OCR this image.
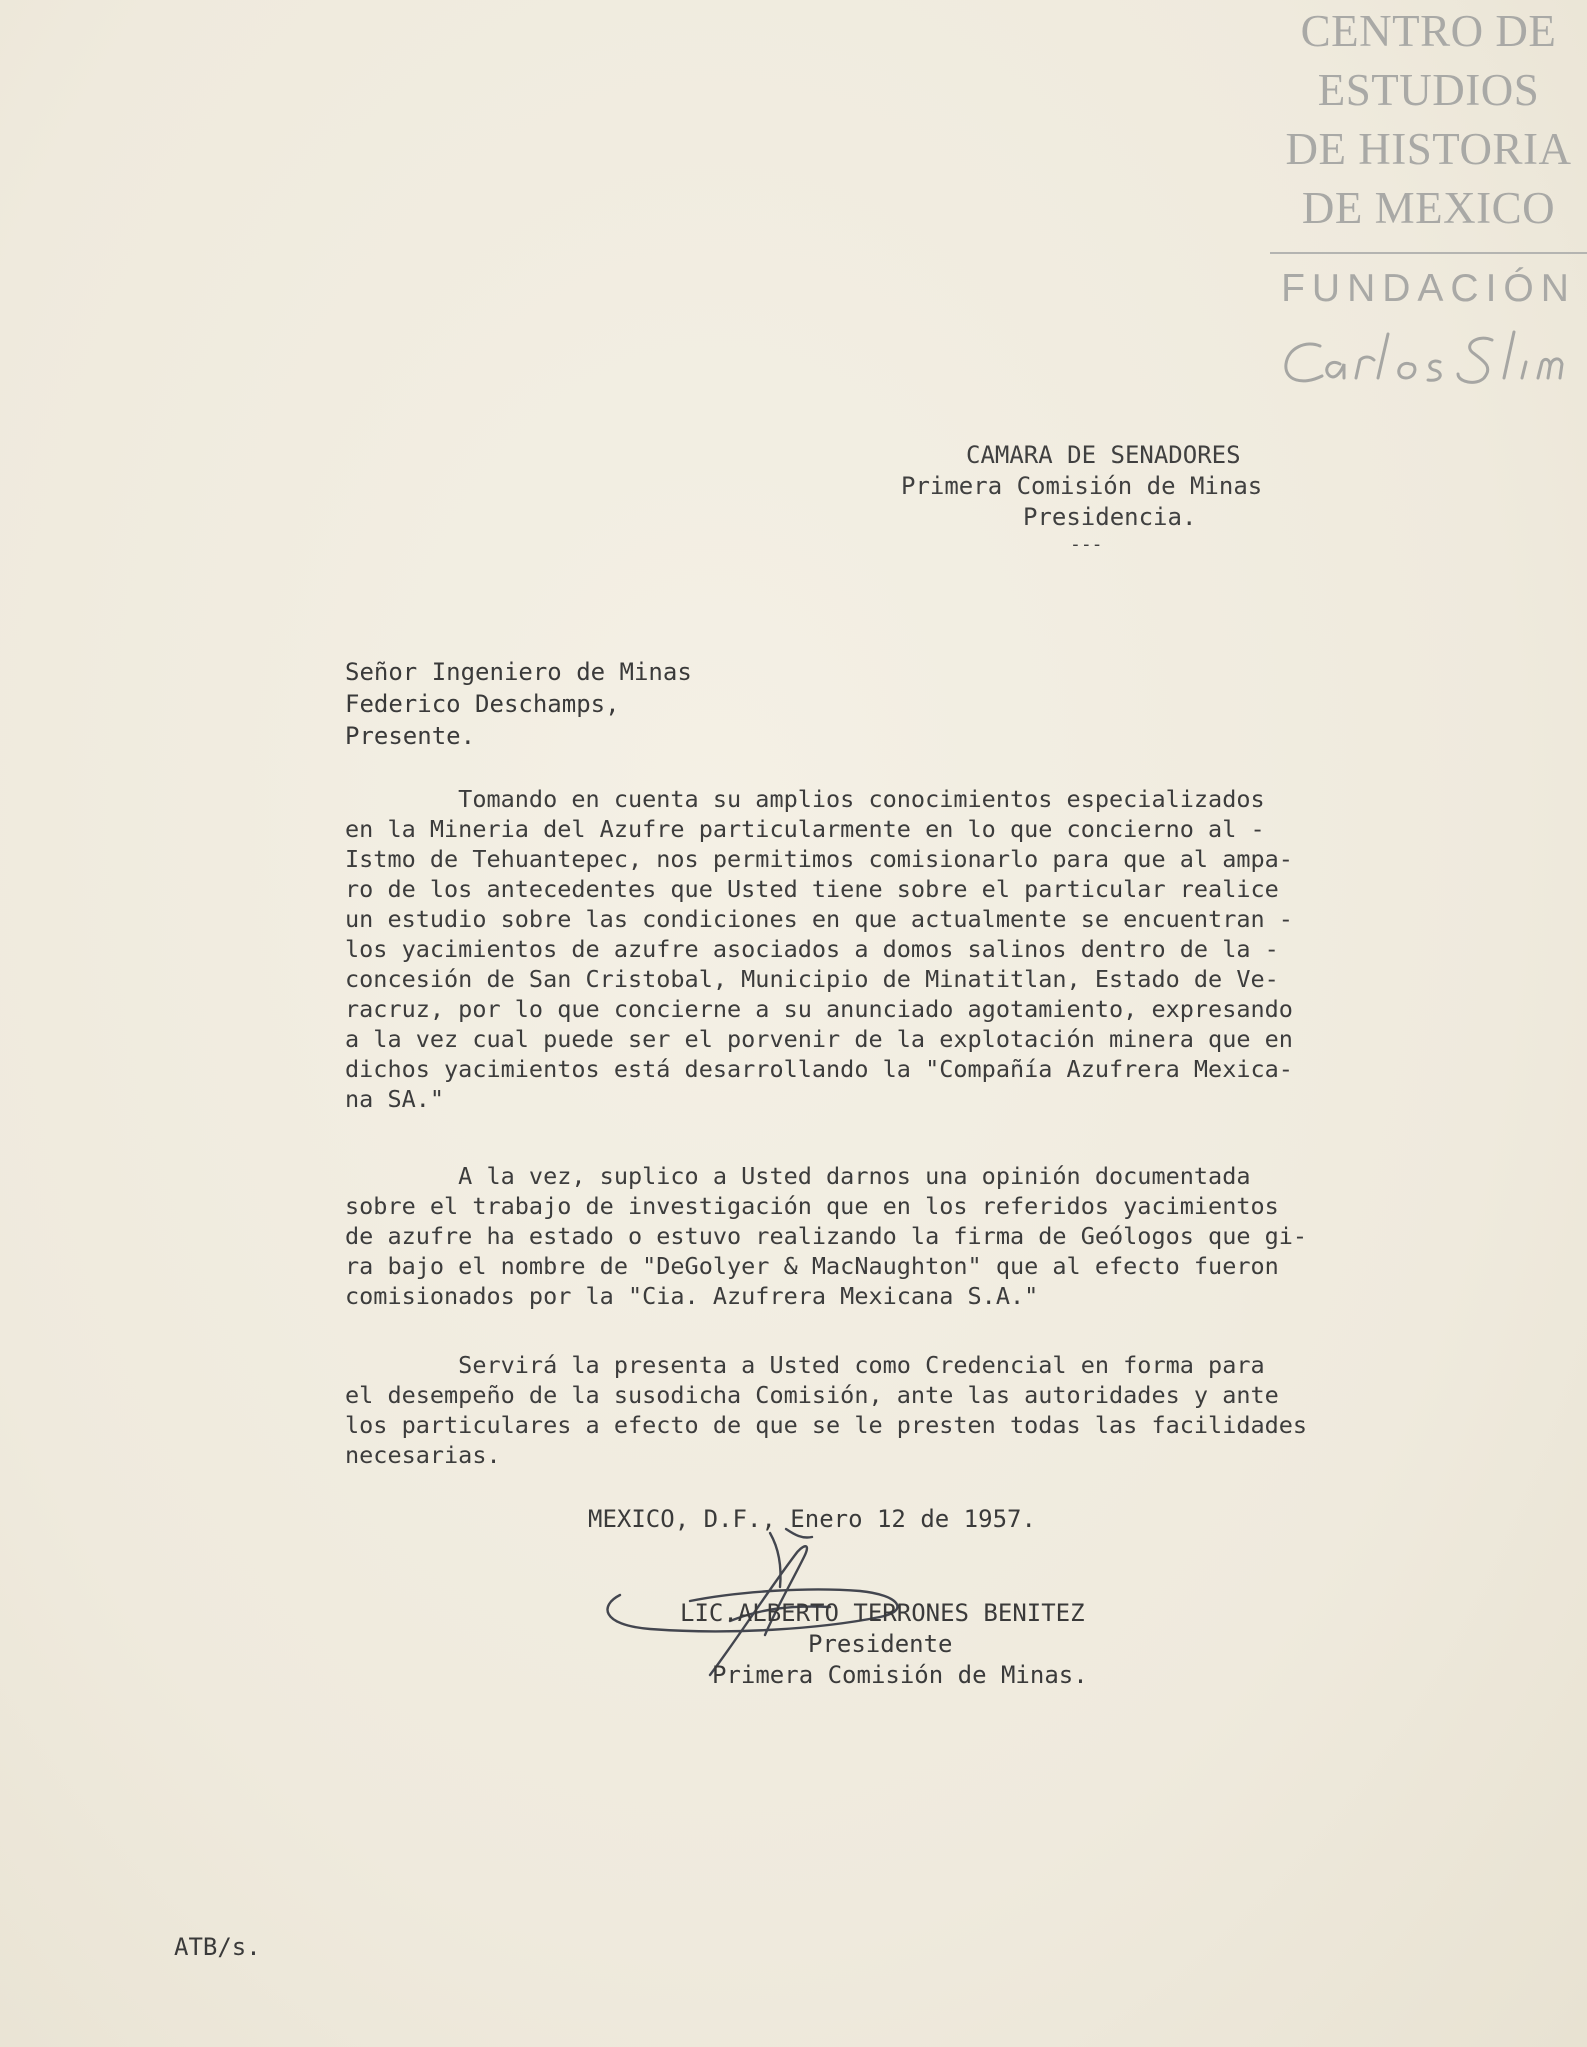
CENTRO DE
ESTUDIOS
DE HISTORIA
DE MEXICO
FUNDACIÓN
CAMARA DE SENADORES
Primera Comisión de Minas
Presidencia.
---
Señor Ingeniero de Minas
Federico Deschamps,
Presente.
Tomando en cuenta su amplios conocimientos especializados
en la Mineria del Azufre particularmente en lo que concierno al -
Istmo de Tehuantepec, nos permitimos comisionarlo para que al ampa-
ro de los antecedentes que Usted tiene sobre el particular realice
un estudio sobre las condiciones en que actualmente se encuentran -
los yacimientos de azufre asociados a domos salinos dentro de la -
concesión de San Cristobal, Municipio de Minatitlan, Estado de Ve-
racruz, por lo que concierne a su anunciado agotamiento, expresando
a la vez cual puede ser el porvenir de la explotación minera que en
dichos yacimientos está desarrollando la "Compañía Azufrera Mexica-
na SA."
A la vez, suplico a Usted darnos una opinión documentada
sobre el trabajo de investigación que en los referidos yacimientos
de azufre ha estado o estuvo realizando la firma de Geólogos que gi-
ra bajo el nombre de "DeGolyer & MacNaughton" que al efecto fueron
comisionados por la "Cia. Azufrera Mexicana S.A."
Servirá la presenta a Usted como Credencial en forma para
el desempeño de la susodicha Comisión, ante las autoridades y ante
los particulares a efecto de que se le presten todas las facilidades
necesarias.
MEXICO, D.F., Enero 12 de 1957.
LIC.ALBERTO TERRONES BENITEZ
Presidente
Primera Comisión de Minas.
ATB/s.
